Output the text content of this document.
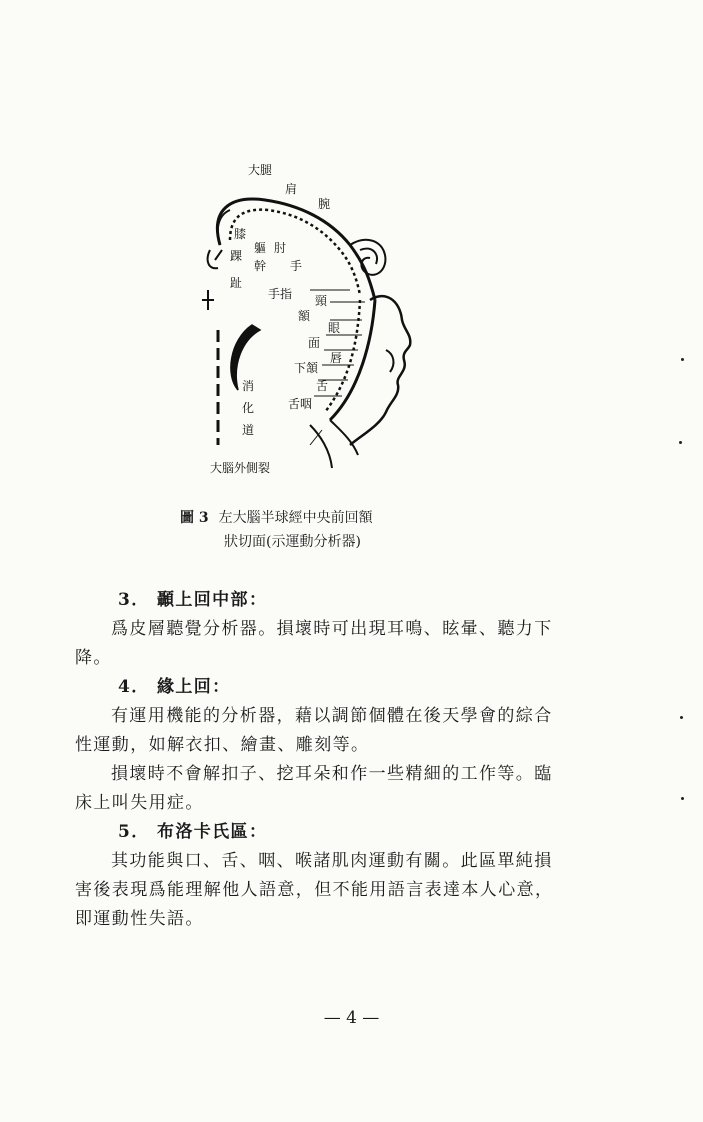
大腿
肩
腕
膝
踝
軀
幹
肘
手
趾
手指 頸
額
眼
面
唇
下頷
舌
舌咽
消
化
道
大腦外側裂
圖 3 左大腦半球經中央前回額
狀切面(示運動分析器)
3． 顳上回中部：
爲皮層聽覺分析器。損壞時可出現耳鳴、眩暈、聽力下降。
4． 緣上回：
有運用機能的分析器，藉以調節個體在後天學會的綜合性運動，如解衣扣、繪畫、雕刻等。
損壞時不會解扣子、挖耳朵和作一些精細的工作等。臨床上叫失用症。
5． 布洛卡氏區：
其功能與口、舌、咽、喉諸肌肉運動有關。此區單純損害後表現爲能理解他人語意，但不能用語言表達本人心意，即運動性失語。
— 4 —
